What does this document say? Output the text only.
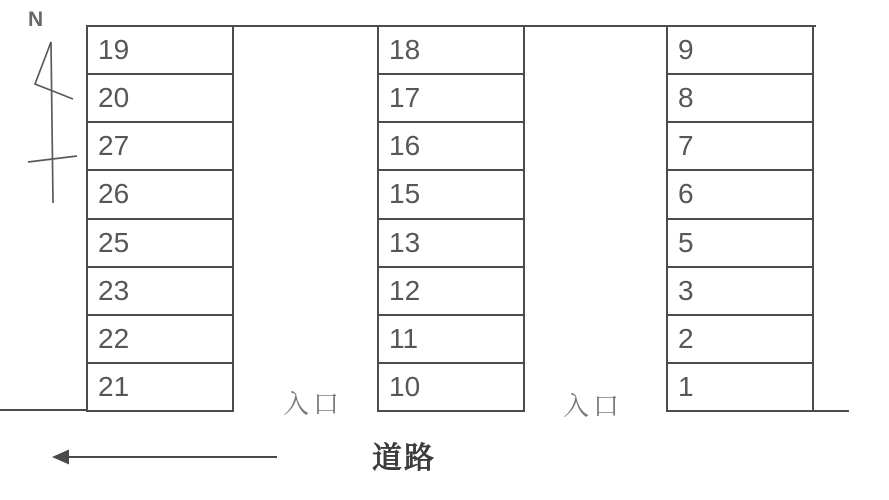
N
19
20
27
26
25
23
22
21
18
17
16
15
13
12
11
10
9
8
7
6
5
3
2
1
入口	入口
道路
